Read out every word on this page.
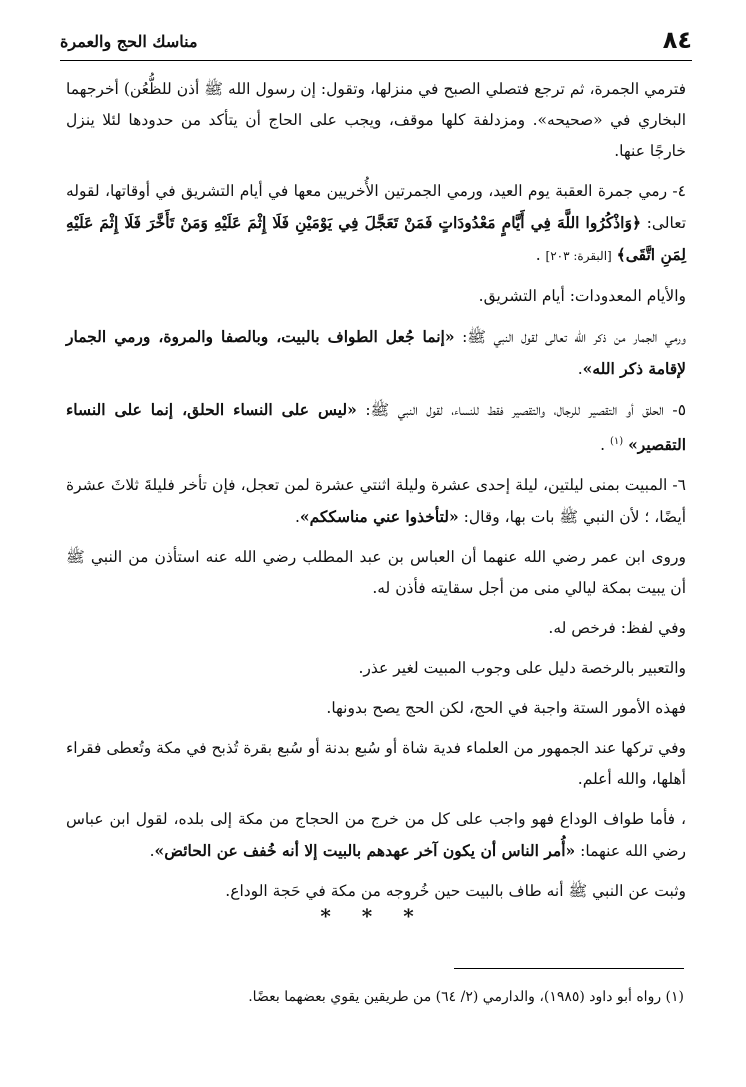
٨٤
مناسك الحج والعمرة

فترمي الجمرة، ثم ترجع فتصلي الصبح في منزلها، وتقول: إن رسول الله ﷺ أذن للظُّعُن) أخرجهما البخاري في «صحيحه». ومزدلفة كلها موقف، ويجب على الحاج أن يتأكد من حدودها لئلا ينزل خارجًا عنها.

٤- رمي جمرة العقبة يوم العيد، ورمي الجمرتين الأُخريين معها في أيام التشريق في أوقاتها، لقوله تعالى: ﴿وَاذْكُرُوا اللَّهَ فِي أَيَّامٍ مَعْدُودَاتٍ فَمَنْ تَعَجَّلَ فِي يَوْمَيْنِ فَلَا إِثْمَ عَلَيْهِ وَمَنْ تَأَخَّرَ فَلَا إِثْمَ عَلَيْهِ لِمَنِ اتَّقَى﴾ [البقرة: ٢٠٣] .

والأيام المعدودات: أيام التشريق.

ورمي الجمار من ذكر الله تعالى لقول النبي ﷺ: «إنما جُعل الطواف بالبيت، وبالصفا والمروة، ورمي الجمار لإقامة ذكر الله».

٥- الحلق أو التقصير للرجال، والتقصير فقط للنساء، لقول النبي ﷺ: «ليس على النساء الحلق، إنما على النساء التقصير» $^{(١)}$ .

٦- المبيت بمنى ليلتين، ليلة إحدى عشرة وليلة اثنتي عشرة لمن تعجل، فإن تأخر فليلةَ ثلاثَ عشرة أيضًا، ؛ لأن النبي ﷺ بات بها، وقال: «لتأخذوا عني مناسككم».

وروى ابن عمر رضي الله عنهما أن العباس بن عبد المطلب رضي الله عنه استأذن من النبي ﷺ أن يبيت بمكة ليالي منى من أجل سقايته فأذن له.

وفي لفظ: فرخص له.

والتعبير بالرخصة دليل على وجوب المبيت لغير عذر.

فهذه الأمور الستة واجبة في الحج، لكن الحج يصح بدونها.

وفي تركها عند الجمهور من العلماء فدية شاة أو سُبع بدنة أو سُبع بقرة تُذبح في مكة وتُعطى فقراء أهلها، والله أعلم.

، فأما طواف الوداع فهو واجب على كل من خرج من الحجاج من مكة إلى بلده، لقول ابن عباس رضي الله عنهما: «أُمر الناس أن يكون آخر عهدهم بالبيت إلا أنه خُفف عن الحائض».

وثبت عن النبي ﷺ أنه طاف بالبيت حين خُروجه من مكة في حَجة الوداع.

* * *
(١) رواه أبو داود (١٩٨٥)، والدارمي (٢/ ٦٤) من طريقين يقوي بعضهما بعضًا.
